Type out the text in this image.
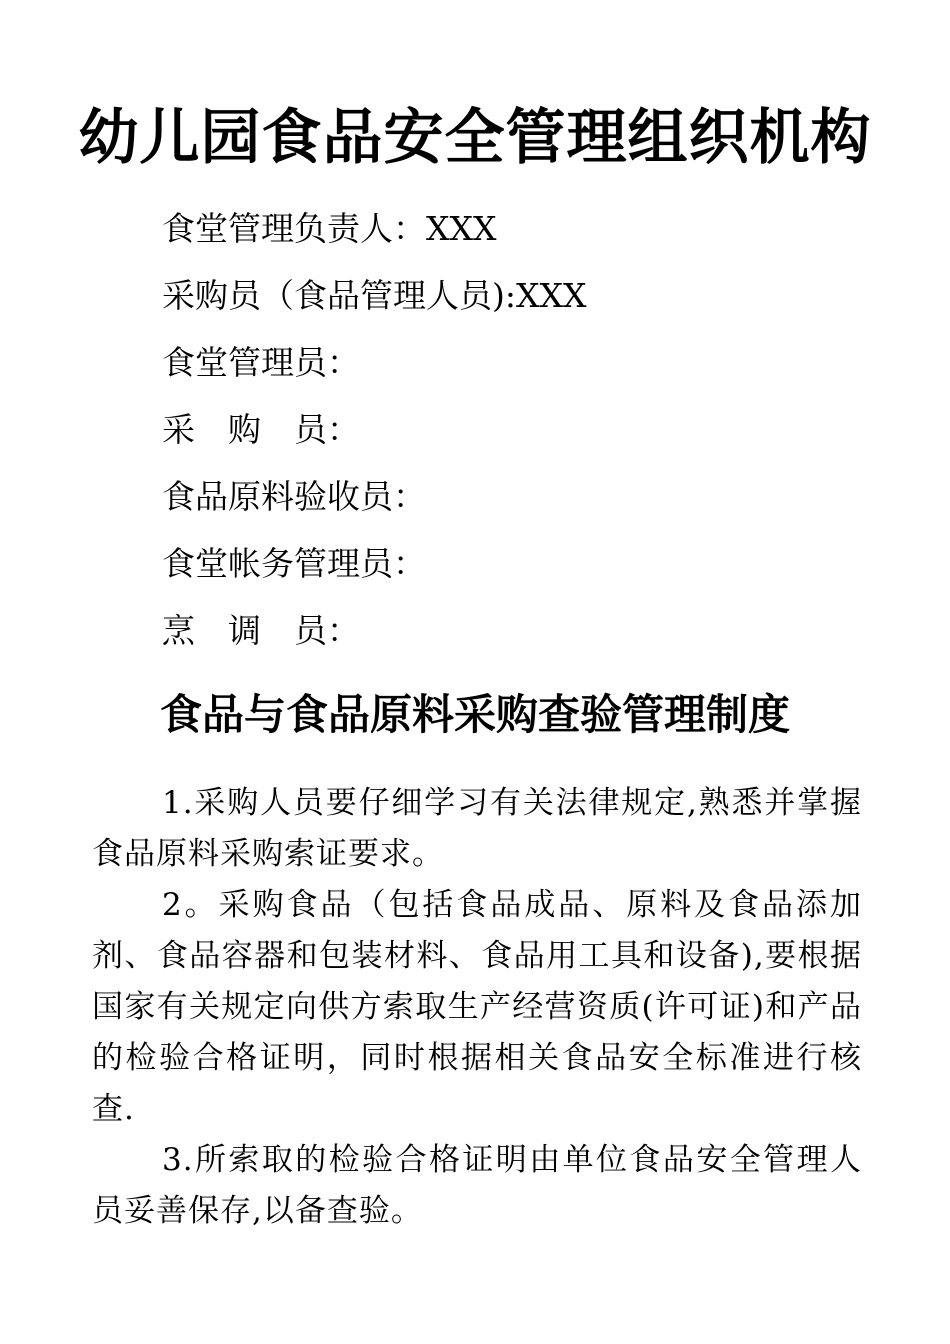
幼儿园食品安全管理组织机构
食堂管理负责人：XXX
采购员（食品管理人员):XXX
食堂管理员：
采　购　员：
食品原料验收员：
食堂帐务管理员：
烹　调　员：
食品与食品原料采购查验管理制度

1.采购人员要仔细学习有关法律规定,熟悉并掌握食品原料采购索证要求。

2。采购食品（包括食品成品、原料及食品添加剂、食品容器和包装材料、食品用工具和设备),要根据国家有关规定向供方索取生产经营资质(许可证)和产品的检验合格证明，同时根据相关食品安全标准进行核查.

3.所索取的检验合格证明由单位食品安全管理人员妥善保存,以备查验。
